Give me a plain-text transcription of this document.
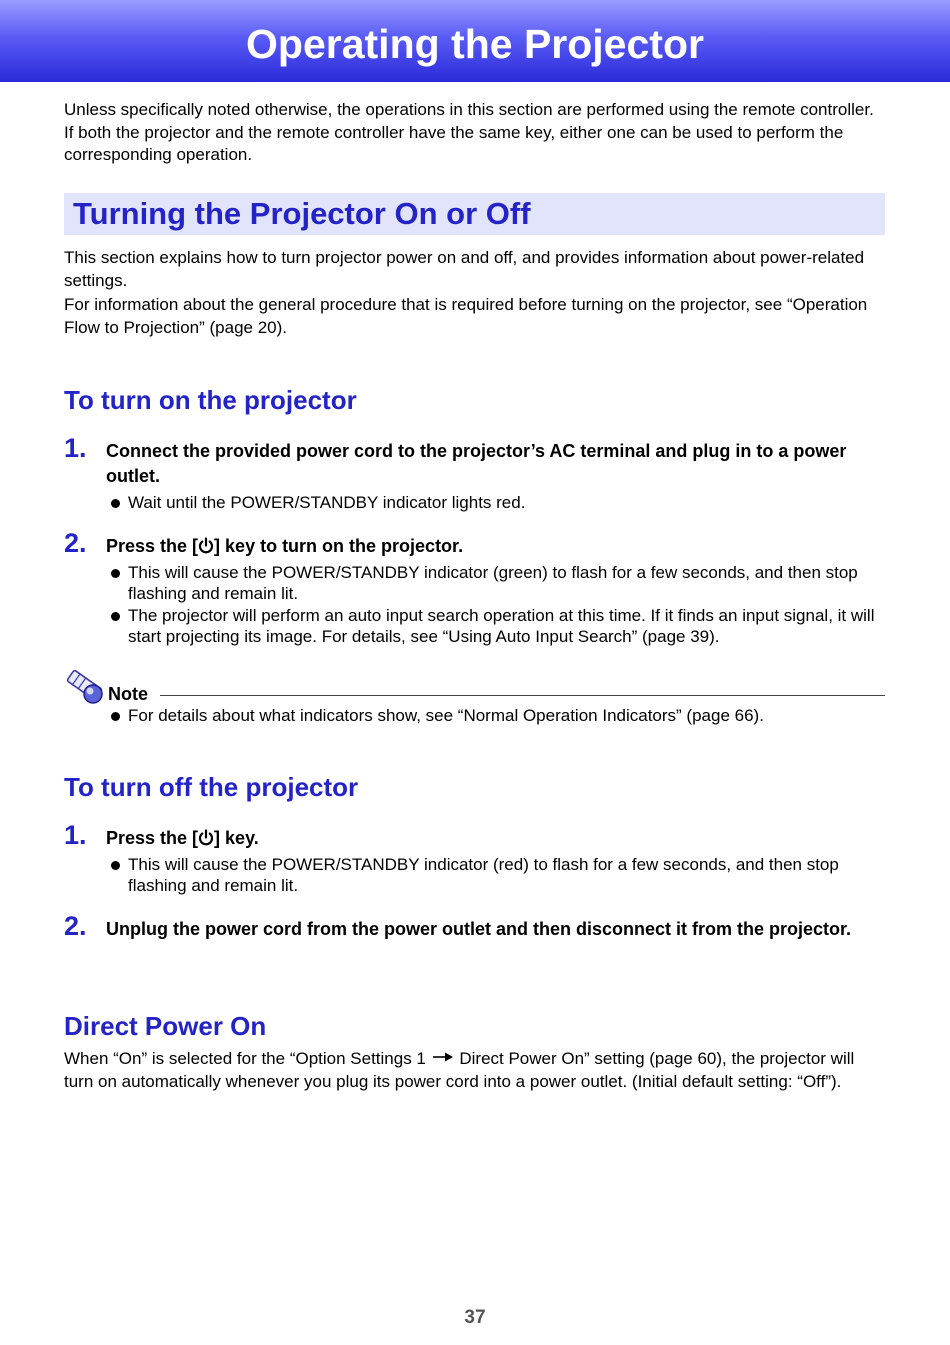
Operating the Projector
Unless specifically noted otherwise, the operations in this section are performed using the remote controller. If both the projector and the remote controller have the same key, either one can be used to perform the corresponding operation.
Turning the Projector On or Off
This section explains how to turn projector power on and off, and provides information about power-related settings.
For information about the general procedure that is required before turning on the projector, see “Operation Flow to Projection” (page 20).
To turn on the projector
1. Connect the provided power cord to the projector’s AC terminal and plug in to a power outlet.
Wait until the POWER/STANDBY indicator lights red.
2. Press the [ ] key to turn on the projector.
This will cause the POWER/STANDBY indicator (green) to flash for a few seconds, and then stop flashing and remain lit.
The projector will perform an auto input search operation at this time. If it finds an input signal, it will start projecting its image. For details, see “Using Auto Input Search” (page 39).
Note
For details about what indicators show, see “Normal Operation Indicators” (page 66).
To turn off the projector
1. Press the [ ] key.
This will cause the POWER/STANDBY indicator (red) to flash for a few seconds, and then stop flashing and remain lit.
2. Unplug the power cord from the power outlet and then disconnect it from the projector.
Direct Power On
When “On” is selected for the “Option Settings 1  Direct Power On” setting (page 60), the projector will turn on automatically whenever you plug its power cord into a power outlet. (Initial default setting: “Off”).
37
